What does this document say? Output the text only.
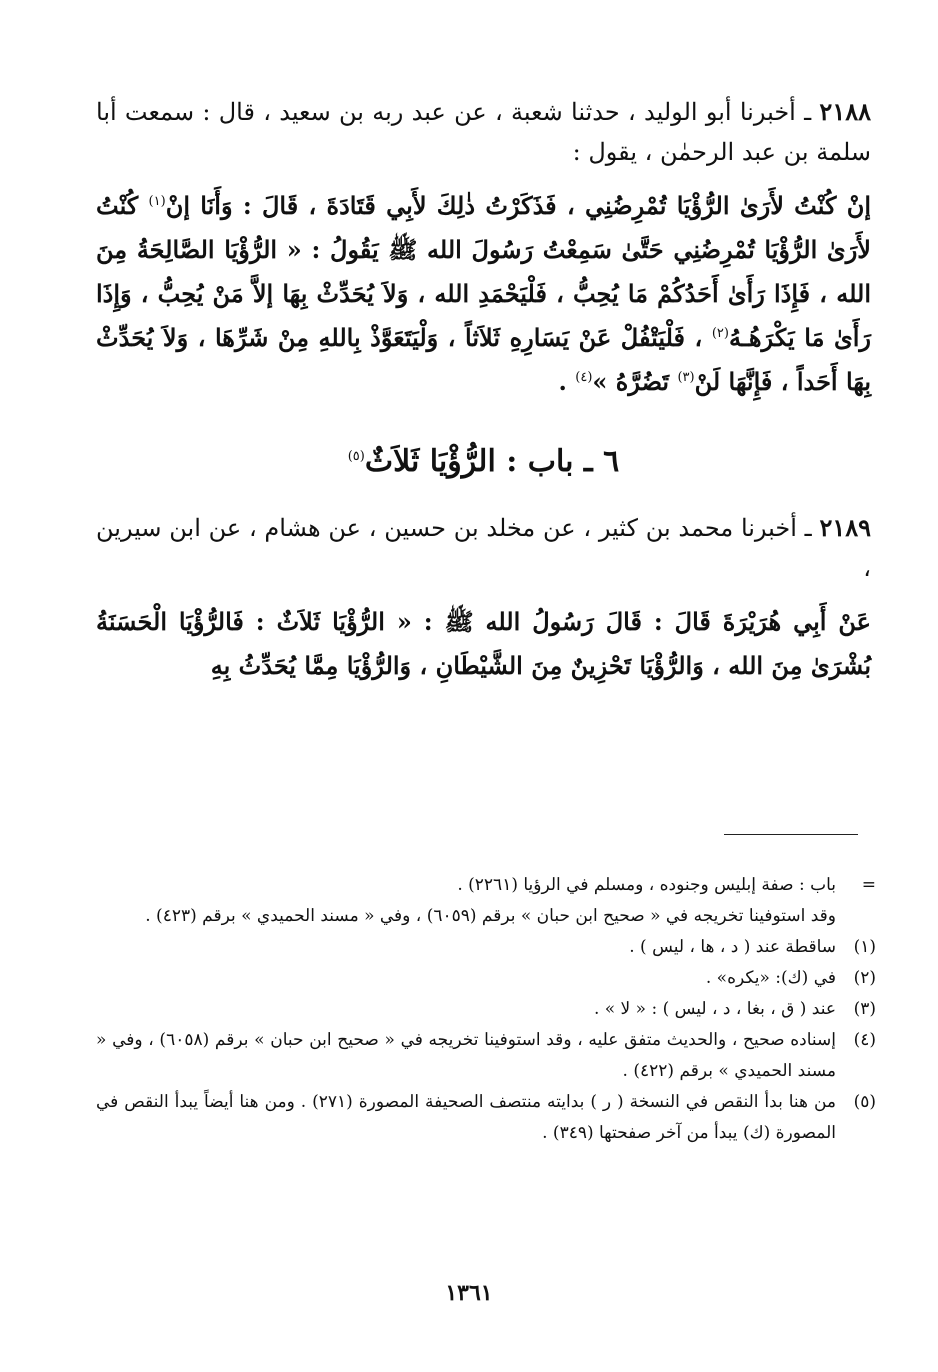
٢١٨٨ ـ أخبرنا أبو الوليد ، حدثنا شعبة ، عن عبد ربه بن سعيد ، قال : سمعت أبا سلمة بن عبد الرحمٰن ، يقول :

إنْ كُنْتُ لأَرَىٰ الرُّؤْيَا تُمْرِضُنِي ، فَذَكَرْتُ ذٰلِكَ لأَبِي قَتَادَةَ ، قَالَ : وَأَنَا إنْ$^{(١)}$ كُنْتُ لأَرَىٰ الرُّؤْيَا تُمْرِضُنِي حَتَّىٰ سَمِعْتُ رَسُولَ الله ﷺ يَقُولُ : « الرُّؤْيَا الصَّالِحَةُ مِنَ الله ، فَإِذَا رَأَىٰ أَحَدُكُمْ مَا يُحِبُّ ، فَلْيَحْمَدِ الله ، وَلاَ يُحَدِّثْ بِهَا إلاَّ مَنْ يُحِبُّ ، وَإِذَا رَأَىٰ مَا يَكْرَهُـهُ$^{(٢)}$ ، فَلْيَتْفُلْ عَنْ يَسَارِهِ ثَلاَثاً ، وَلْيَتَعَوَّذْ بِاللهِ مِنْ شَرِّهَا ، وَلاَ يُحَدِّثْ بِهَا أَحَداً ، فَإِنَّهَا لَنْ$^{(٣)}$ تَضُرَّهُ »$^{(٤)}$ .

٦ ـ باب : الرُّؤْيَا ثَلاَثٌ$^{(٥)}$

٢١٨٩ ـ أخبرنا محمد بن كثير ، عن مخلد بن حسين ، عن هشام ، عن ابن سيرين ،

عَنْ أَبِي هُرَيْرَةَ قَالَ : قَالَ رَسُولُ الله ﷺ : « الرُّؤْيَا ثَلاَثٌ : فَالرُّؤْيَا الْحَسَنَةُ بُشْرَىٰ مِنَ الله ، وَالرُّؤْيَا تَحْزِينٌ مِنَ الشَّيْطَانِ ، وَالرُّؤْيَا مِمَّا يُحَدِّثُ بِهِ

=
باب : صفة إبليس وجنوده ، ومسلم في الرؤيا (٢٢٦١) .
وقد استوفينا تخريجه في « صحيح ابن حبان » برقم (٦٠٥٩) ، وفي « مسند الحميدي » برقم (٤٢٣) .
(١)
ساقطة عند ( د ، ها ، ليس ) .
(٢)
في (ك): «يكره» .
(٣)
عند ( ق ، بغا ، د ، ليس ) : « لا » .
(٤)
إسناده صحيح ، والحديث متفق عليه ، وقد استوفينا تخريجه في « صحيح ابن حبان » برقم (٦٠٥٨) ، وفي « مسند الحميدي » برقم (٤٢٢) .
(٥)
من هنا بدأ النقص في النسخة ( ر ) بدايته منتصف الصحيفة المصورة (٢٧١) . ومن هنا أيضاً يبدأ النقص في المصورة (ك) يبدأ من آخر صفحتها (٣٤٩) .
١٣٦١
